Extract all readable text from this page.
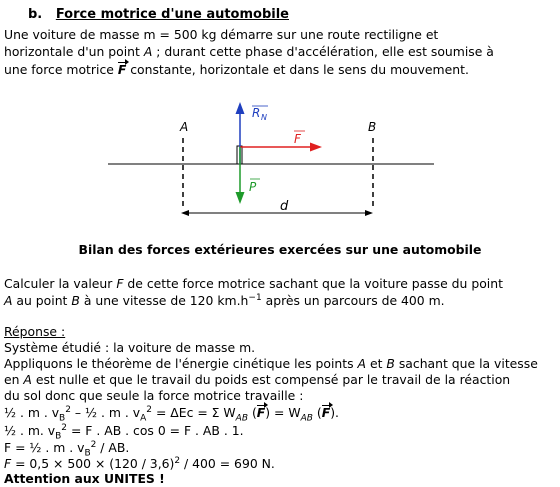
b. Force motrice d'une automobile
Une voiture de masse m = 500 kg démarre sur une route rectiligne et
horizontale d'un point A ; durant cette phase d'accélération, elle est soumise à
une force motrice F constante, horizontale et dans le sens du mouvement.
A	B
R N
F
P
d
Bilan des forces extérieures exercées sur une automobile
Calculer la valeur F de cette force motrice sachant que la voiture passe du point
A au point B à une vitesse de 120 $km.h^{-1}$ après un parcours de 400 m.
Réponse :
Système étudié : la voiture de masse m.
Appliquons le théorème de l'énergie cinétique les points A et B sachant que la vitesse
en A est nulle et que le travail du poids est compensé par le travail de la réaction
du sol donc que seule la force motrice travaille :
½ . m . $v_B^2$ – ½ . m . $v_A^2 = \Delta Ec = \Sigma$ $W_{AB}$ $(F) = W_{AB}$ (F).
½ . m. $v_B^2 = F$ . AB . cos 0 = F . AB . 1.
F = ½ . m . $v_B^2$ / AB.
F = 0,5 × 500 × (120 / 3,6)$^2$ / 400 = 690 N.
Attention aux UNITES !
